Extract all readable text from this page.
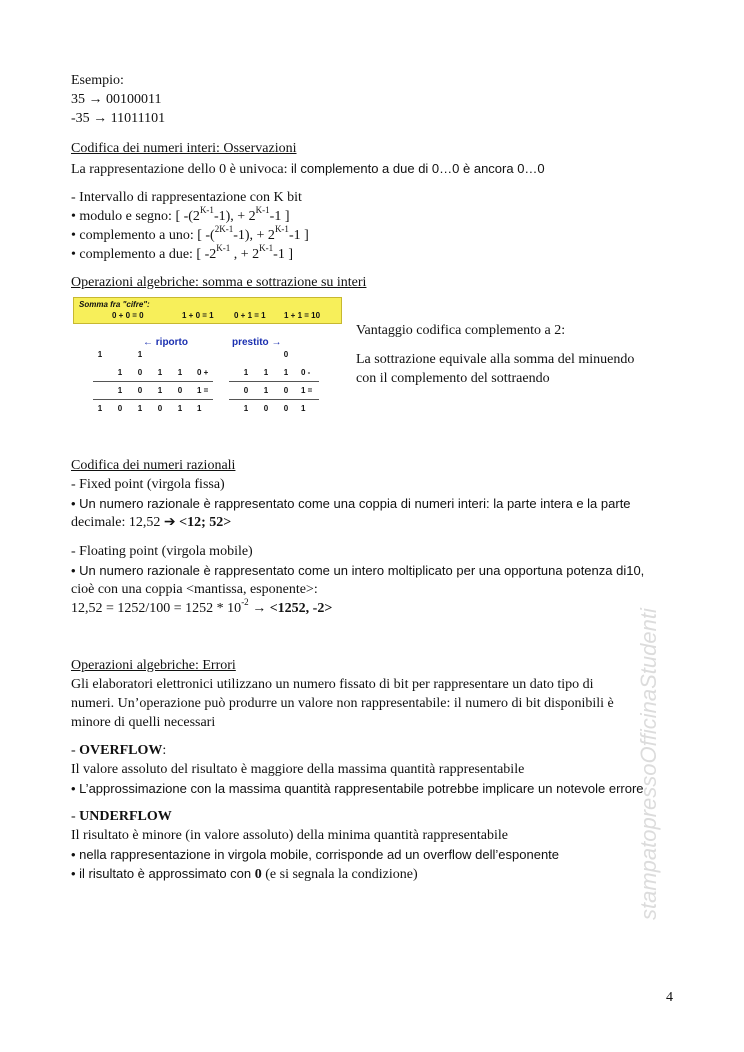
Esempio:
35 → 00100011
-35 → 11011101
Codifica dei numeri interi: Osservazioni
La rappresentazione dello 0 è univoca: il complemento a due di 0…0 è ancora 0…0
- Intervallo di rappresentazione con K bit
• modulo e segno: [ $-(2^{K-1}-1)$, + $2^{K-1}-1$ ]
• complemento a uno: [ -($^{2K-1}$-1), + $2^{K-1}-1$ ]
• complemento a due: [ $-2^{K-1}$ , + $2^{K-1}-1$ ]
Operazioni algebriche: somma e sottrazione su interi
Somma fra "cifre":
0 + 0 = 0	1 + 0 = 1	0 + 1 = 1 1 + 1 = 10
← riporto	prestito →
1	1
1	0	1	1	0 +
1	0	1	0	1 =
1	0	1	0	1	1
0
1	1	1	0 -
0	1	0	1 =
1	0	0	1
Vantaggio codifica complemento a 2:
La sottrazione equivale alla somma del minuendo
con il complemento del sottraendo
Codifica dei numeri razionali
- Fixed point (virgola fissa)
• Un numero razionale è rappresentato come una coppia di numeri interi: la parte intera e la parte
decimale: 12,52 ➔ <12; 52>
- Floating point (virgola mobile)
• Un numero razionale è rappresentato come un intero moltiplicato per una opportuna potenza di10,
cioè con una coppia <mantissa, esponente>:
$12,52 = 1252/100 = 1252 * 10^{-2} \to <1252$, -2>
Operazioni algebriche: Errori
Gli elaboratori elettronici utilizzano un numero fissato di bit per rappresentare un dato tipo di
numeri. Un’operazione può produrre un valore non rappresentabile: il numero di bit disponibili è
minore di quelli necessari
- OVERFLOW:
Il valore assoluto del risultato è maggiore della massima quantità rappresentabile
• L’approssimazione con la massima quantità rappresentabile potrebbe implicare un notevole errore
- UNDERFLOW
Il risultato è minore (in valore assoluto) della minima quantità rappresentabile
• nella rappresentazione in virgola mobile, corrisponde ad un overflow dell’esponente
• il risultato è approssimato con 0 (e si segnala la condizione)	stampatopressoOfficinaStudenti
4
